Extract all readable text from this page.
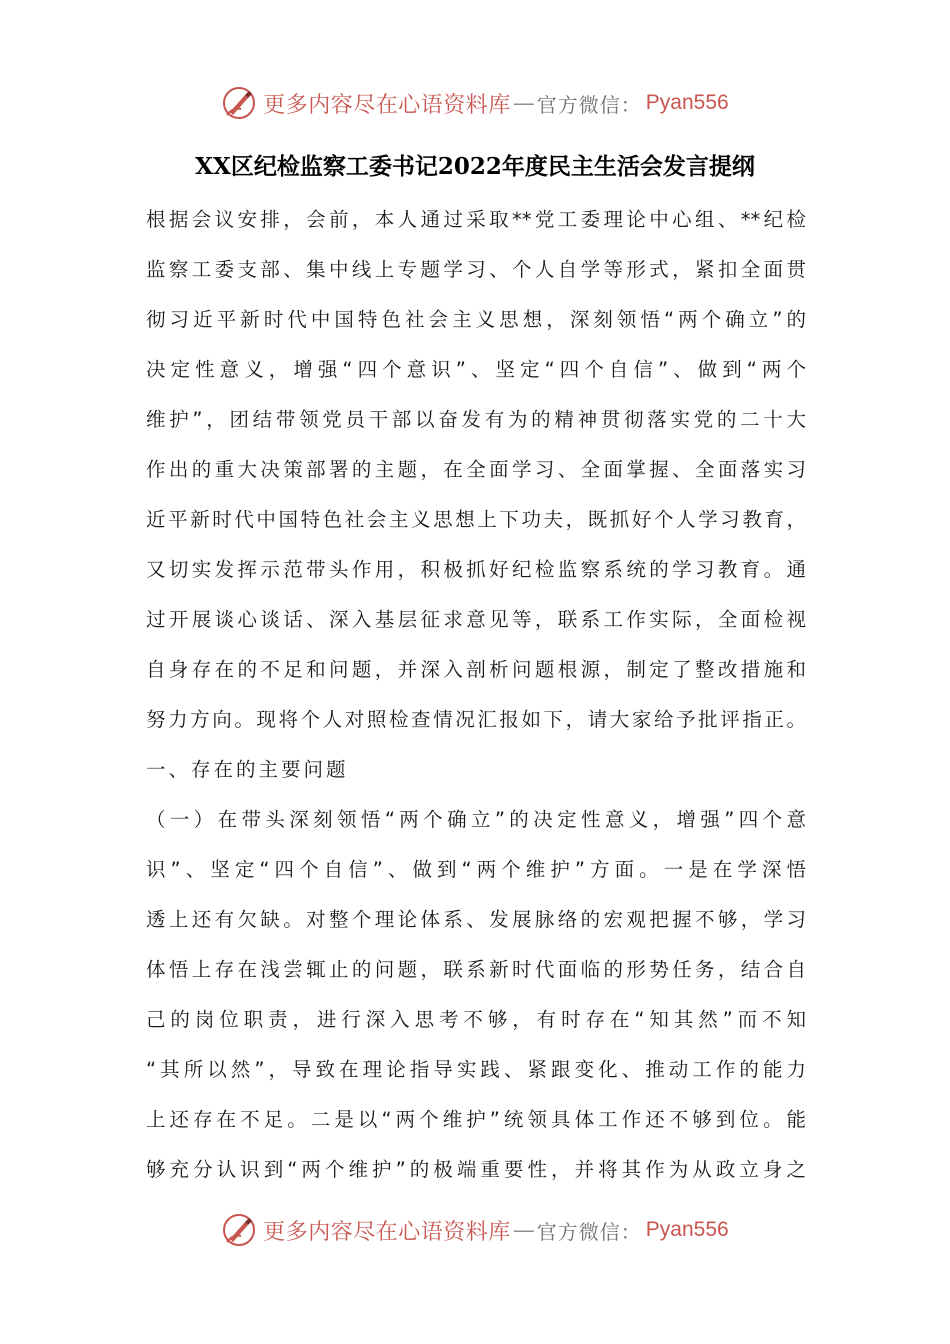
更多内容尽在心语资料库 — 官方微信： Pyan556
XX区纪检监察工委书记2022年度民主生活会发言提纲
根据会议安排，会前，本人通过采取**党工委理论中心组、**纪检
监察工委支部、集中线上专题学习、个人自学等形式，紧扣全面贯
彻习近平新时代中国特色社会主义思想，深刻领悟“两个确立”的
决定性意义，增强“四个意识”、坚定“四个自信”、做到“两个
维护”，团结带领党员干部以奋发有为的精神贯彻落实党的二十大
作出的重大决策部署的主题，在全面学习、全面掌握、全面落实习
近平新时代中国特色社会主义思想上下功夫，既抓好个人学习教育，
又切实发挥示范带头作用，积极抓好纪检监察系统的学习教育。通
过开展谈心谈话、深入基层征求意见等，联系工作实际，全面检视
自身存在的不足和问题，并深入剖析问题根源，制定了整改措施和
努力方向。现将个人对照检查情况汇报如下，请大家给予批评指正。
一、存在的主要问题
（一）在带头深刻领悟“两个确立”的决定性意义，增强”四个意
识”、坚定“四个自信”、做到“两个维护”方面。一是在学深悟
透上还有欠缺。对整个理论体系、发展脉络的宏观把握不够，学习
体悟上存在浅尝辄止的问题，联系新时代面临的形势任务，结合自
己的岗位职责，进行深入思考不够，有时存在“知其然”而不知
“其所以然”，导致在理论指导实践、紧跟变化、推动工作的能力
上还存在不足。二是以“两个维护”统领具体工作还不够到位。能
够充分认识到“两个维护”的极端重要性，并将其作为从政立身之
更多内容尽在心语资料库 — 官方微信： Pyan556
